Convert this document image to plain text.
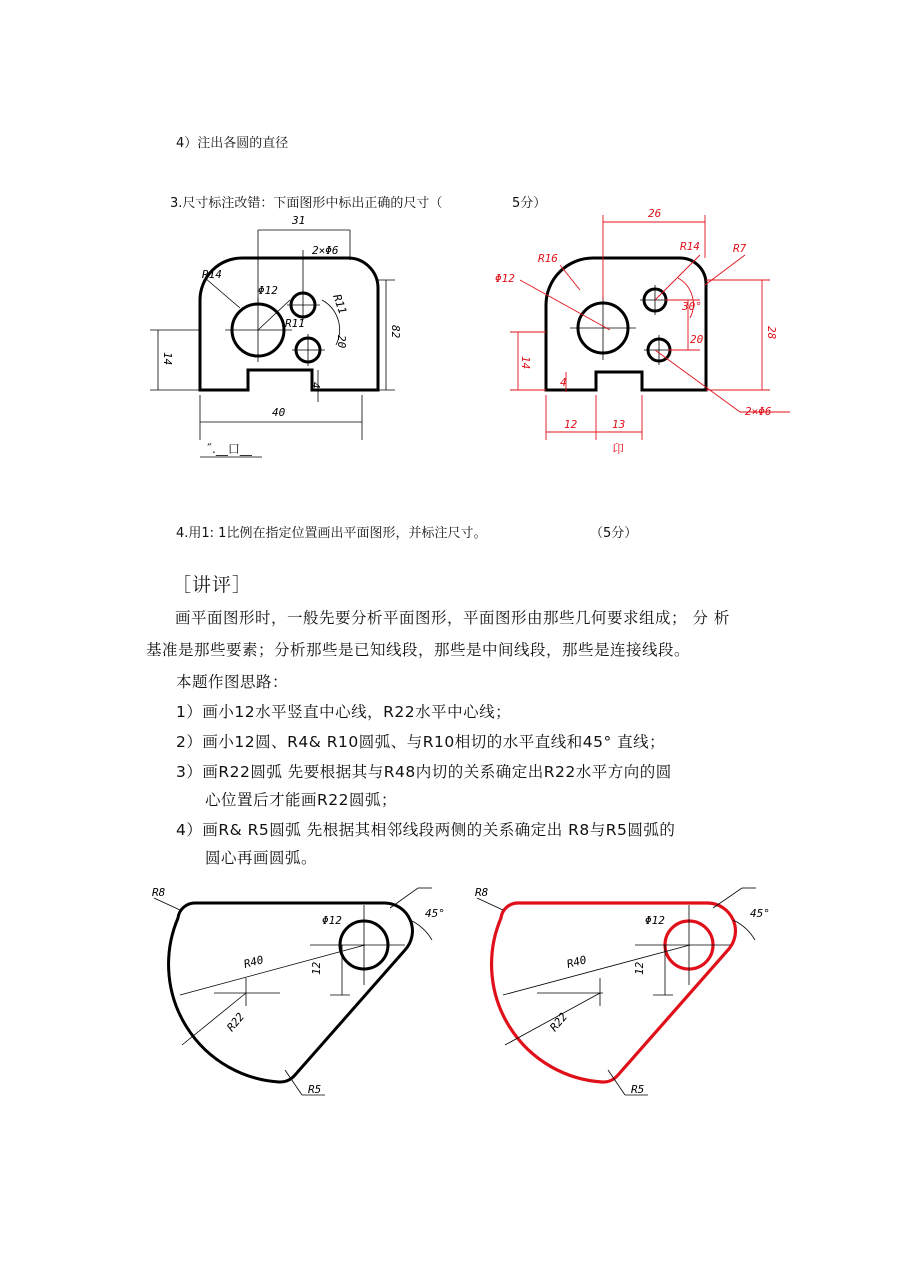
4）注出各圆的直径
3.尺寸标注改错：下面图形中标出正确的尺寸（	5分）
31
2×Φ6
R14
Φ12
R11
R11
20
14
4
40
82
˝.__口__
26
R14	R7
R16
Φ12
30°
28
20
14
4
12	13
2×Φ6
卬
4.用1: 1比例在指定位置画出平面图形，并标注尺寸。	（5分）
［讲评］
画平面图形时，一般先要分析平面图形，平面图形由那些几何要求组成； 分 析
基准是那些要素；分析那些是已知线段，那些是中间线段，那些是连接线段。
本题作图思路：
1）画小12水平竖直中心线，R22水平中心线；
2）画小12圆、R4& R10圆弧、与R10相切的水平直线和45° 直线；
3）画R22圆弧 先要根据其与R48内切的关系确定出R22水平方向的圆
心位置后才能画R22圆弧；
4）画R& R5圆弧 先根据其相邻线段两侧的关系确定出 R8与R5圆弧的
圆心再画圆弧。
R8
Φ12
45°
R40	12
R22
R5
R8
Φ12
45°
R40	12
R22
R5
